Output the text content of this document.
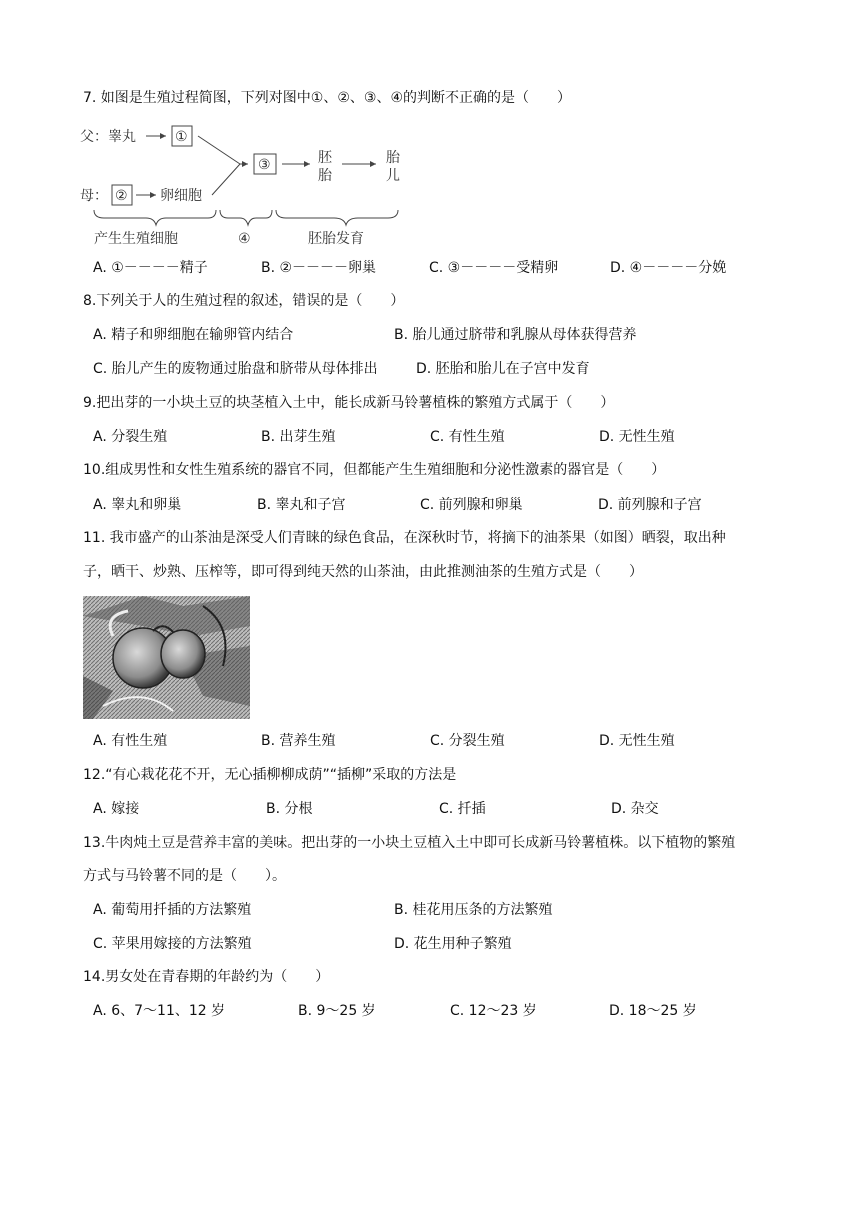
7. 如图是生殖过程简图，下列对图中①、②、③、④的判断不正确的是（　　）
父：睾丸	①
母： ② 卵细胞
③	胚
胎
胎
儿
产生生殖细胞	④	胚胎发育
A. ①－－－－精子	B. ②－－－－卵巢	C. ③－－－－受精卵	D. ④－－－－分娩
8.下列关于人的生殖过程的叙述，错误的是（　　）
A. 精子和卵细胞在输卵管内结合	B. 胎儿通过脐带和乳腺从母体获得营养
C. 胎儿产生的废物通过胎盘和脐带从母体排出	D. 胚胎和胎儿在子宫中发育
9.把出芽的一小块土豆的块茎植入土中，能长成新马铃薯植株的繁殖方式属于（　　）
A. 分裂生殖	B. 出芽生殖	C. 有性生殖	D. 无性生殖
10.组成男性和女性生殖系统的器官不同，但都能产生生殖细胞和分泌性激素的器官是（　　）
A. 睾丸和卵巢	B. 睾丸和子宫	C. 前列腺和卵巢	D. 前列腺和子宫
11. 我市盛产的山茶油是深受人们青睐的绿色食品，在深秋时节，将摘下的油茶果（如图）晒裂，取出种
子，晒干、炒熟、压榨等，即可得到纯天然的山茶油，由此推测油茶的生殖方式是（　　）
A. 有性生殖	B. 营养生殖	C. 分裂生殖	D. 无性生殖
12.“有心栽花花不开，无心插柳柳成荫”“插柳”采取的方法是
A. 嫁接	B. 分根	C. 扦插	D. 杂交
13.牛肉炖土豆是营养丰富的美味。把出芽的一小块土豆植入土中即可长成新马铃薯植株。以下植物的繁殖
方式与马铃薯不同的是（　　）。
A. 葡萄用扦插的方法繁殖	B. 桂花用压条的方法繁殖
C. 苹果用嫁接的方法繁殖	D. 花生用种子繁殖
14.男女处在青春期的年龄约为（　　）
A. 6、7～11、12 岁	B. 9～25 岁	C. 12～23 岁	D. 18～25 岁
